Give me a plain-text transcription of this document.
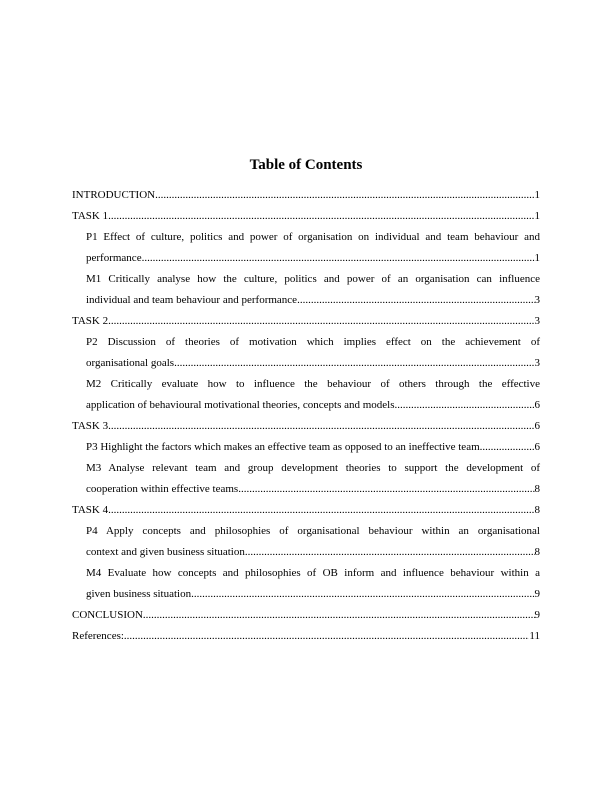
Table of Contents
INTRODUCTION .....	1
TASK 1 .....	1
P1 Effect of culture, politics and power of organisation on individual and team behaviour and
performance .....	1
M1 Critically analyse how the culture, politics and power of an organisation can influence
individual and team behaviour and performance .....	3
TASK 2 .....	3
P2 Discussion of theories of motivation which implies effect on the achievement of
organisational goals .....	3
M2 Critically evaluate how to influence the behaviour of others through the effective
application of behavioural motivational theories, concepts and models .....	6
TASK 3 .....	6
P3 Highlight the factors which makes an effective team as opposed to an ineffective team .....	6
M3 Analyse relevant team and group development theories to support the development of
cooperation within effective teams .....	8
TASK 4 .....	8
P4 Apply concepts and philosophies of organisational behaviour within an organisational
context and given business situation .....	8
M4 Evaluate how concepts and philosophies of OB inform and influence behaviour within a
given business situation .....	9
CONCLUSION .....	9
References: .....	11
